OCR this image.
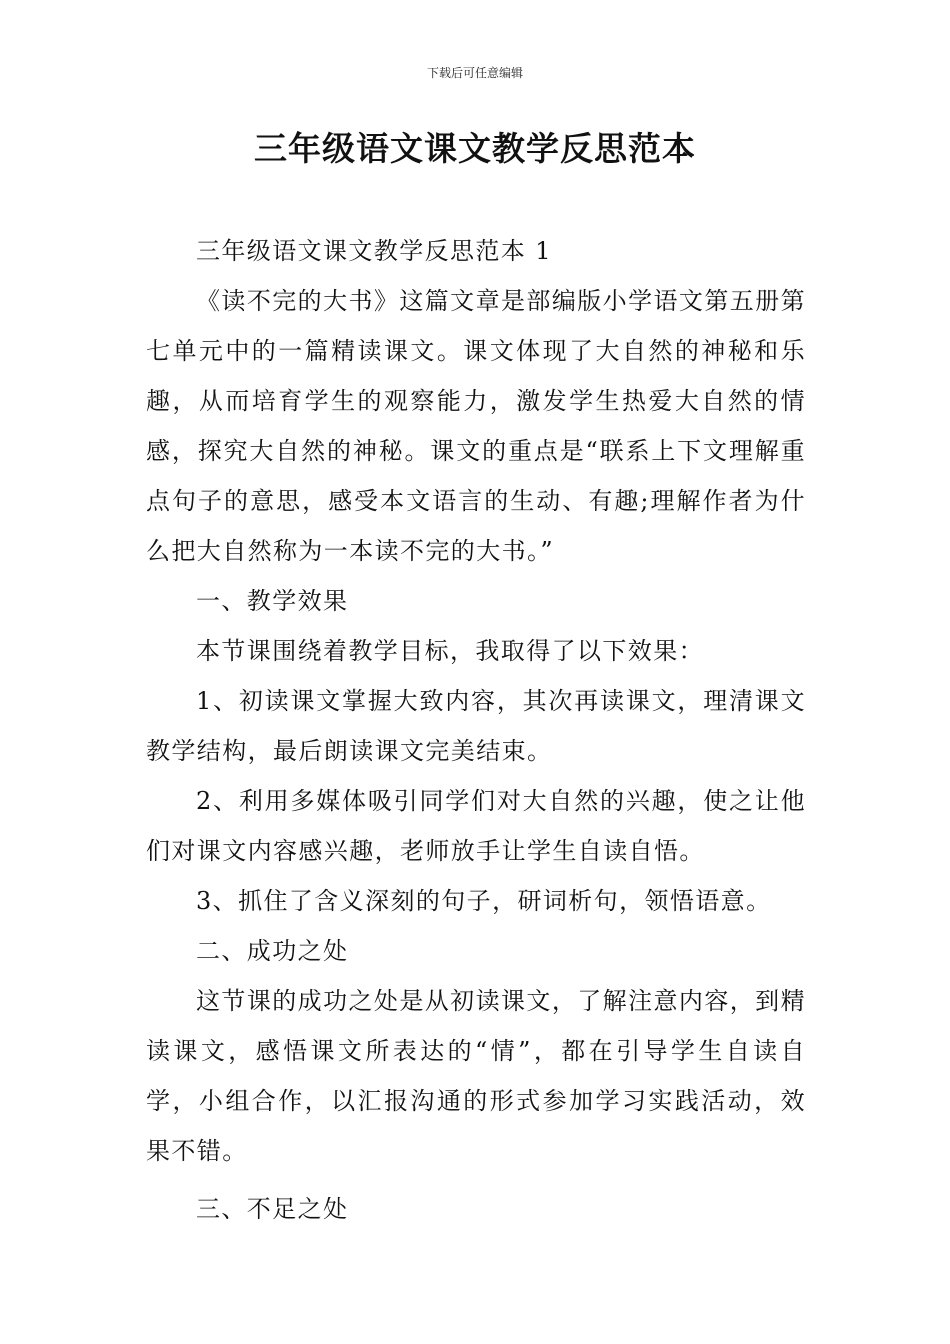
下载后可任意编辑
三年级语文课文教学反思范本

三年级语文课文教学反思范本 1

《读不完的大书》这篇文章是部编版小学语文第五册第七单元中的一篇精读课文。课文体现了大自然的神秘和乐趣，从而培育学生的观察能力，激发学生热爱大自然的情感，探究大自然的神秘。课文的重点是“联系上下文理解重点句子的意思，感受本文语言的生动、有趣;理解作者为什么把大自然称为一本读不完的大书。”

一、教学效果

本节课围绕着教学目标，我取得了以下效果：

1、初读课文掌握大致内容，其次再读课文，理清课文教学结构，最后朗读课文完美结束。

2、利用多媒体吸引同学们对大自然的兴趣，使之让他们对课文内容感兴趣，老师放手让学生自读自悟。

3、抓住了含义深刻的句子，研词析句，领悟语意。

二、成功之处

这节课的成功之处是从初读课文，了解注意内容，到精读课文，感悟课文所表达的“情”，都在引导学生自读自学，小组合作，以汇报沟通的形式参加学习实践活动，效果不错。

三、不足之处
